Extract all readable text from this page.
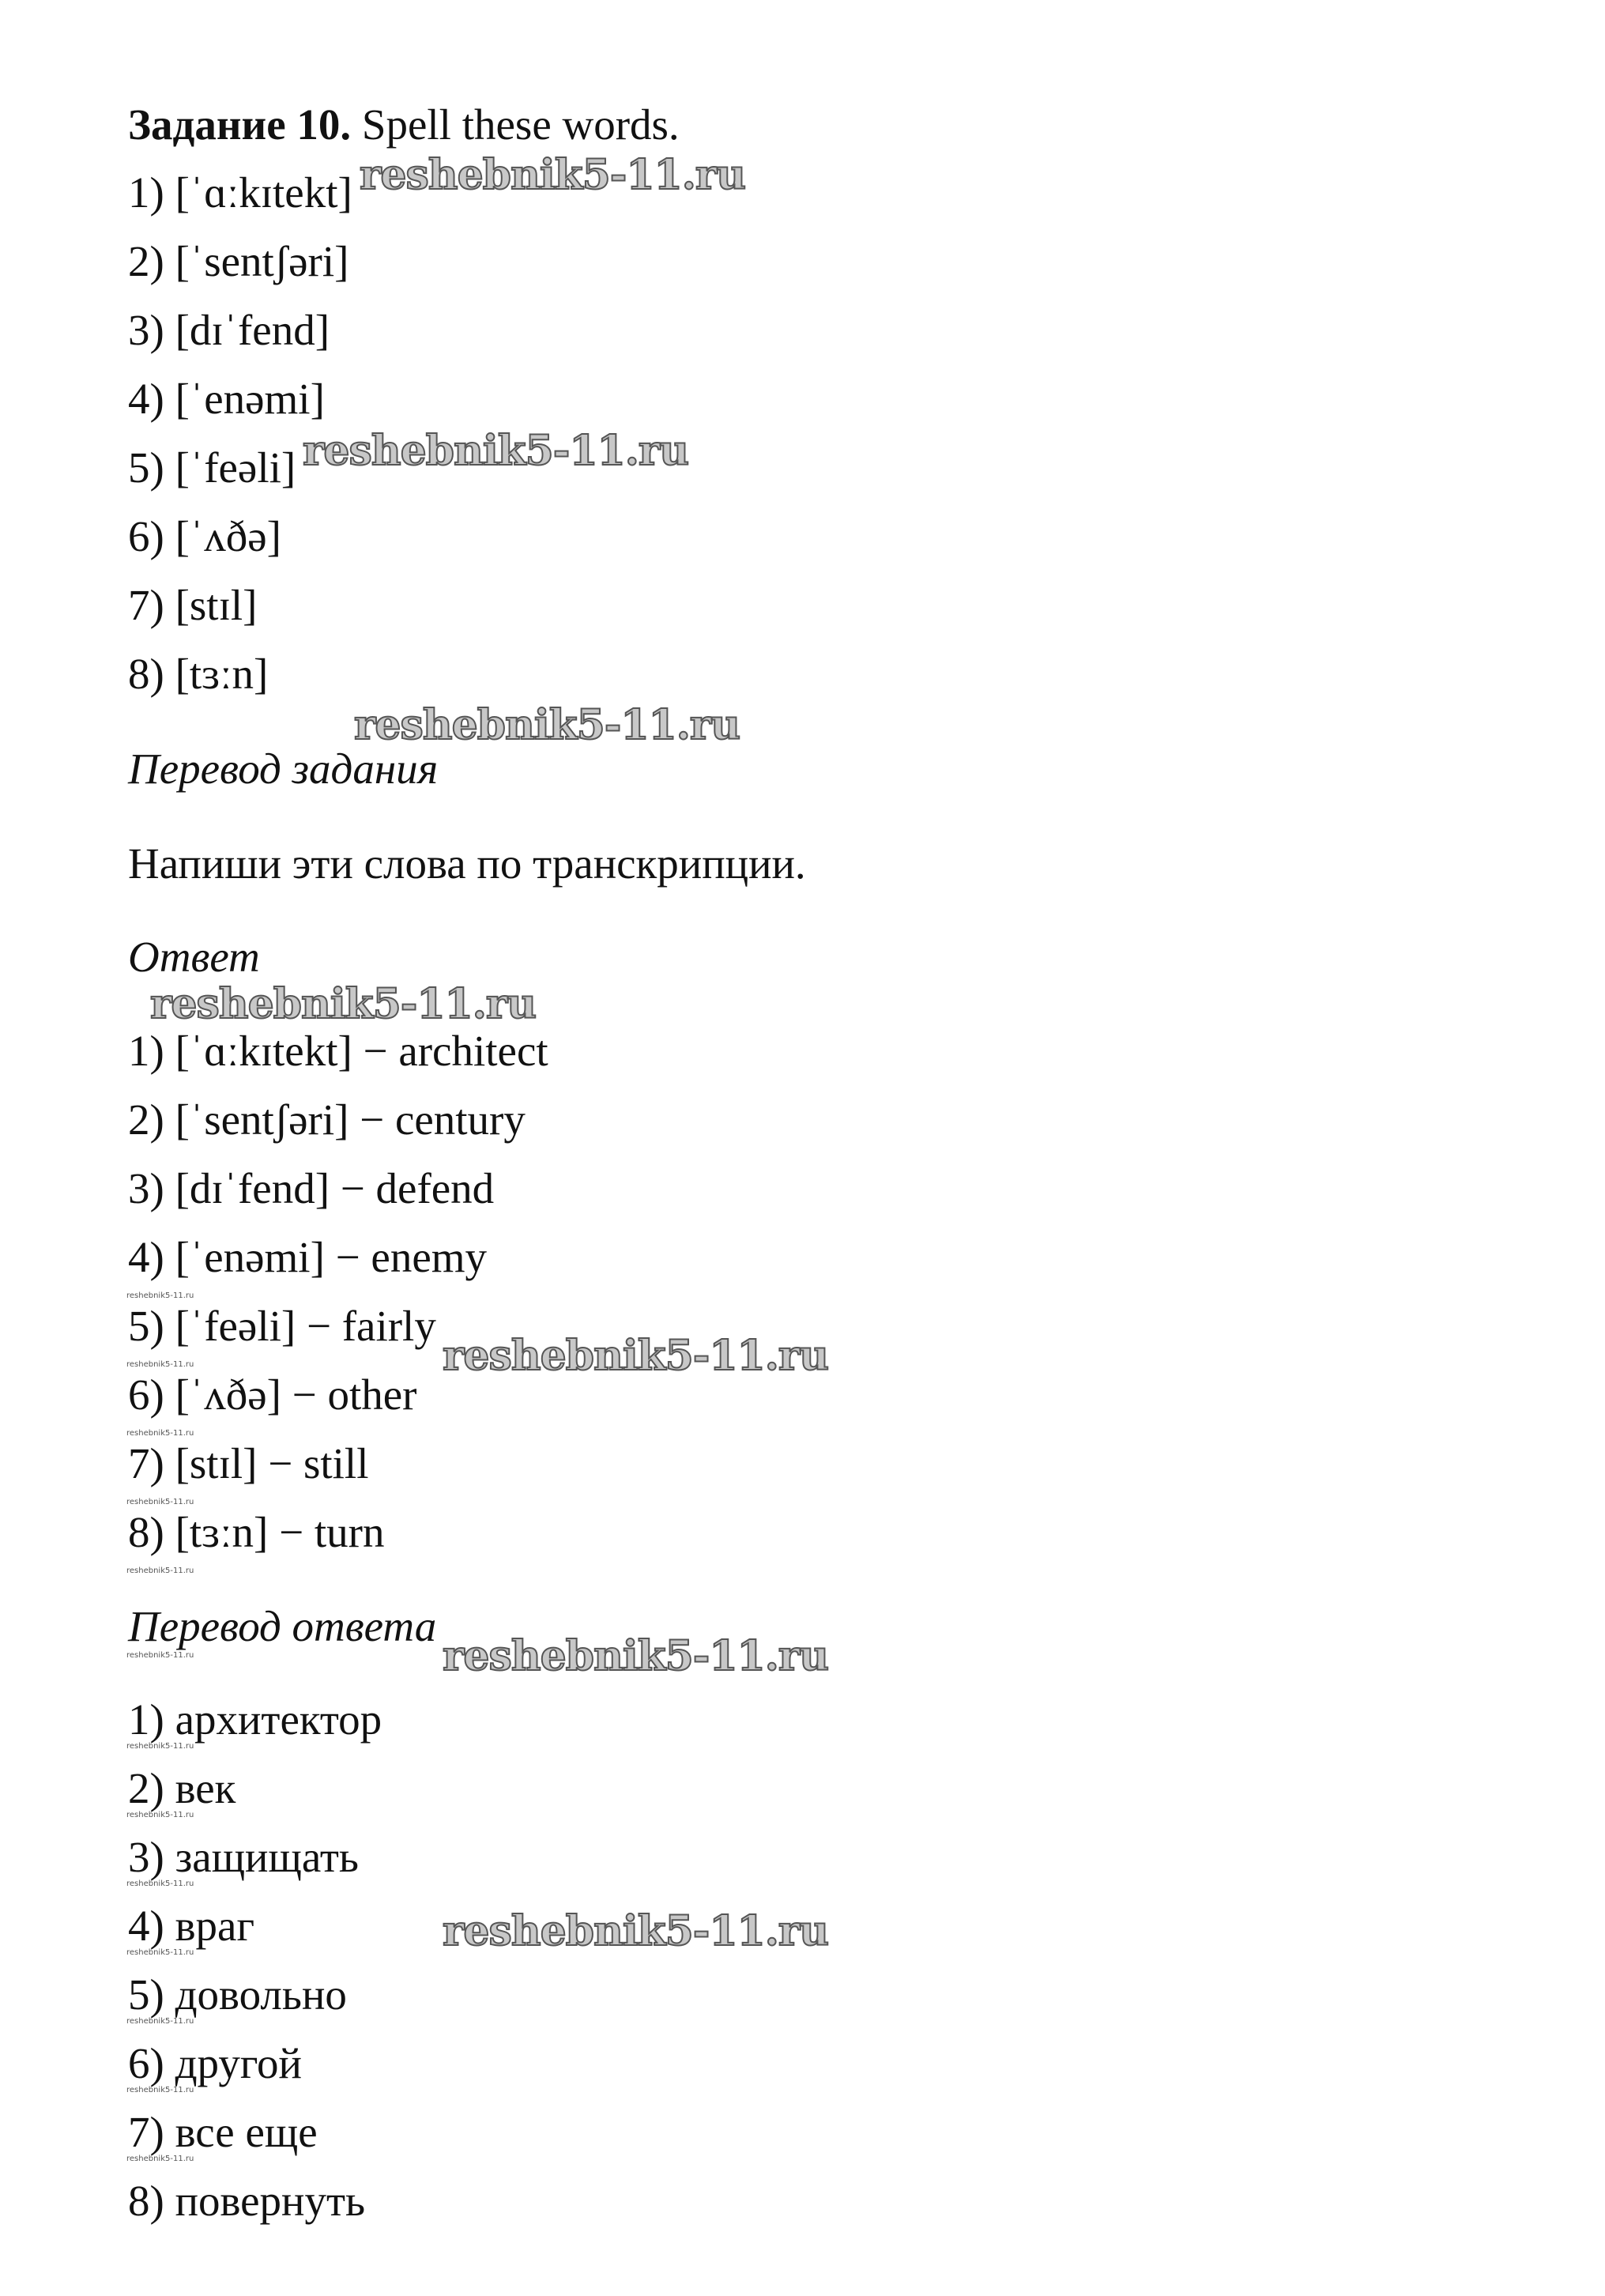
Задание 10. Spell these words.
1) [ˈɑːkɪtekt]
2) [ˈsentʃəri]
3) [dɪˈfend]
4) [ˈenəmi]
5) [ˈfeəli]
6) [ˈʌðə]
7) [stɪl]
8) [tɜːn]
Перевод задания
Напиши эти слова по транскрипции.
Ответ
1) [ˈɑːkɪtekt] − architect
2) [ˈsentʃəri] − century
3) [dɪˈfend] − defend
4) [ˈenəmi] − enemy
5) [ˈfeəli] − fairly
6) [ˈʌðə] − other
7) [stɪl] − still
8) [tɜːn] − turn
Перевод ответа
1) архитектор
2) век
3) защищать
4) враг
5) довольно
6) другой
7) все еще
8) повернуть
reshebnik5-11.ru
reshebnik5-11.ru
reshebnik5-11.ru
reshebnik5-11.ru
reshebnik5-11.ru
reshebnik5-11.ru
reshebnik5-11.ru
reshebnik5-11.ru
reshebnik5-11.ru
reshebnik5-11.ru
reshebnik5-11.ru
reshebnik5-11.ru
reshebnik5-11.ru
reshebnik5-11.ru
reshebnik5-11.ru
reshebnik5-11.ru
reshebnik5-11.ru
reshebnik5-11.ru
reshebnik5-11.ru
reshebnik5-11.ru
